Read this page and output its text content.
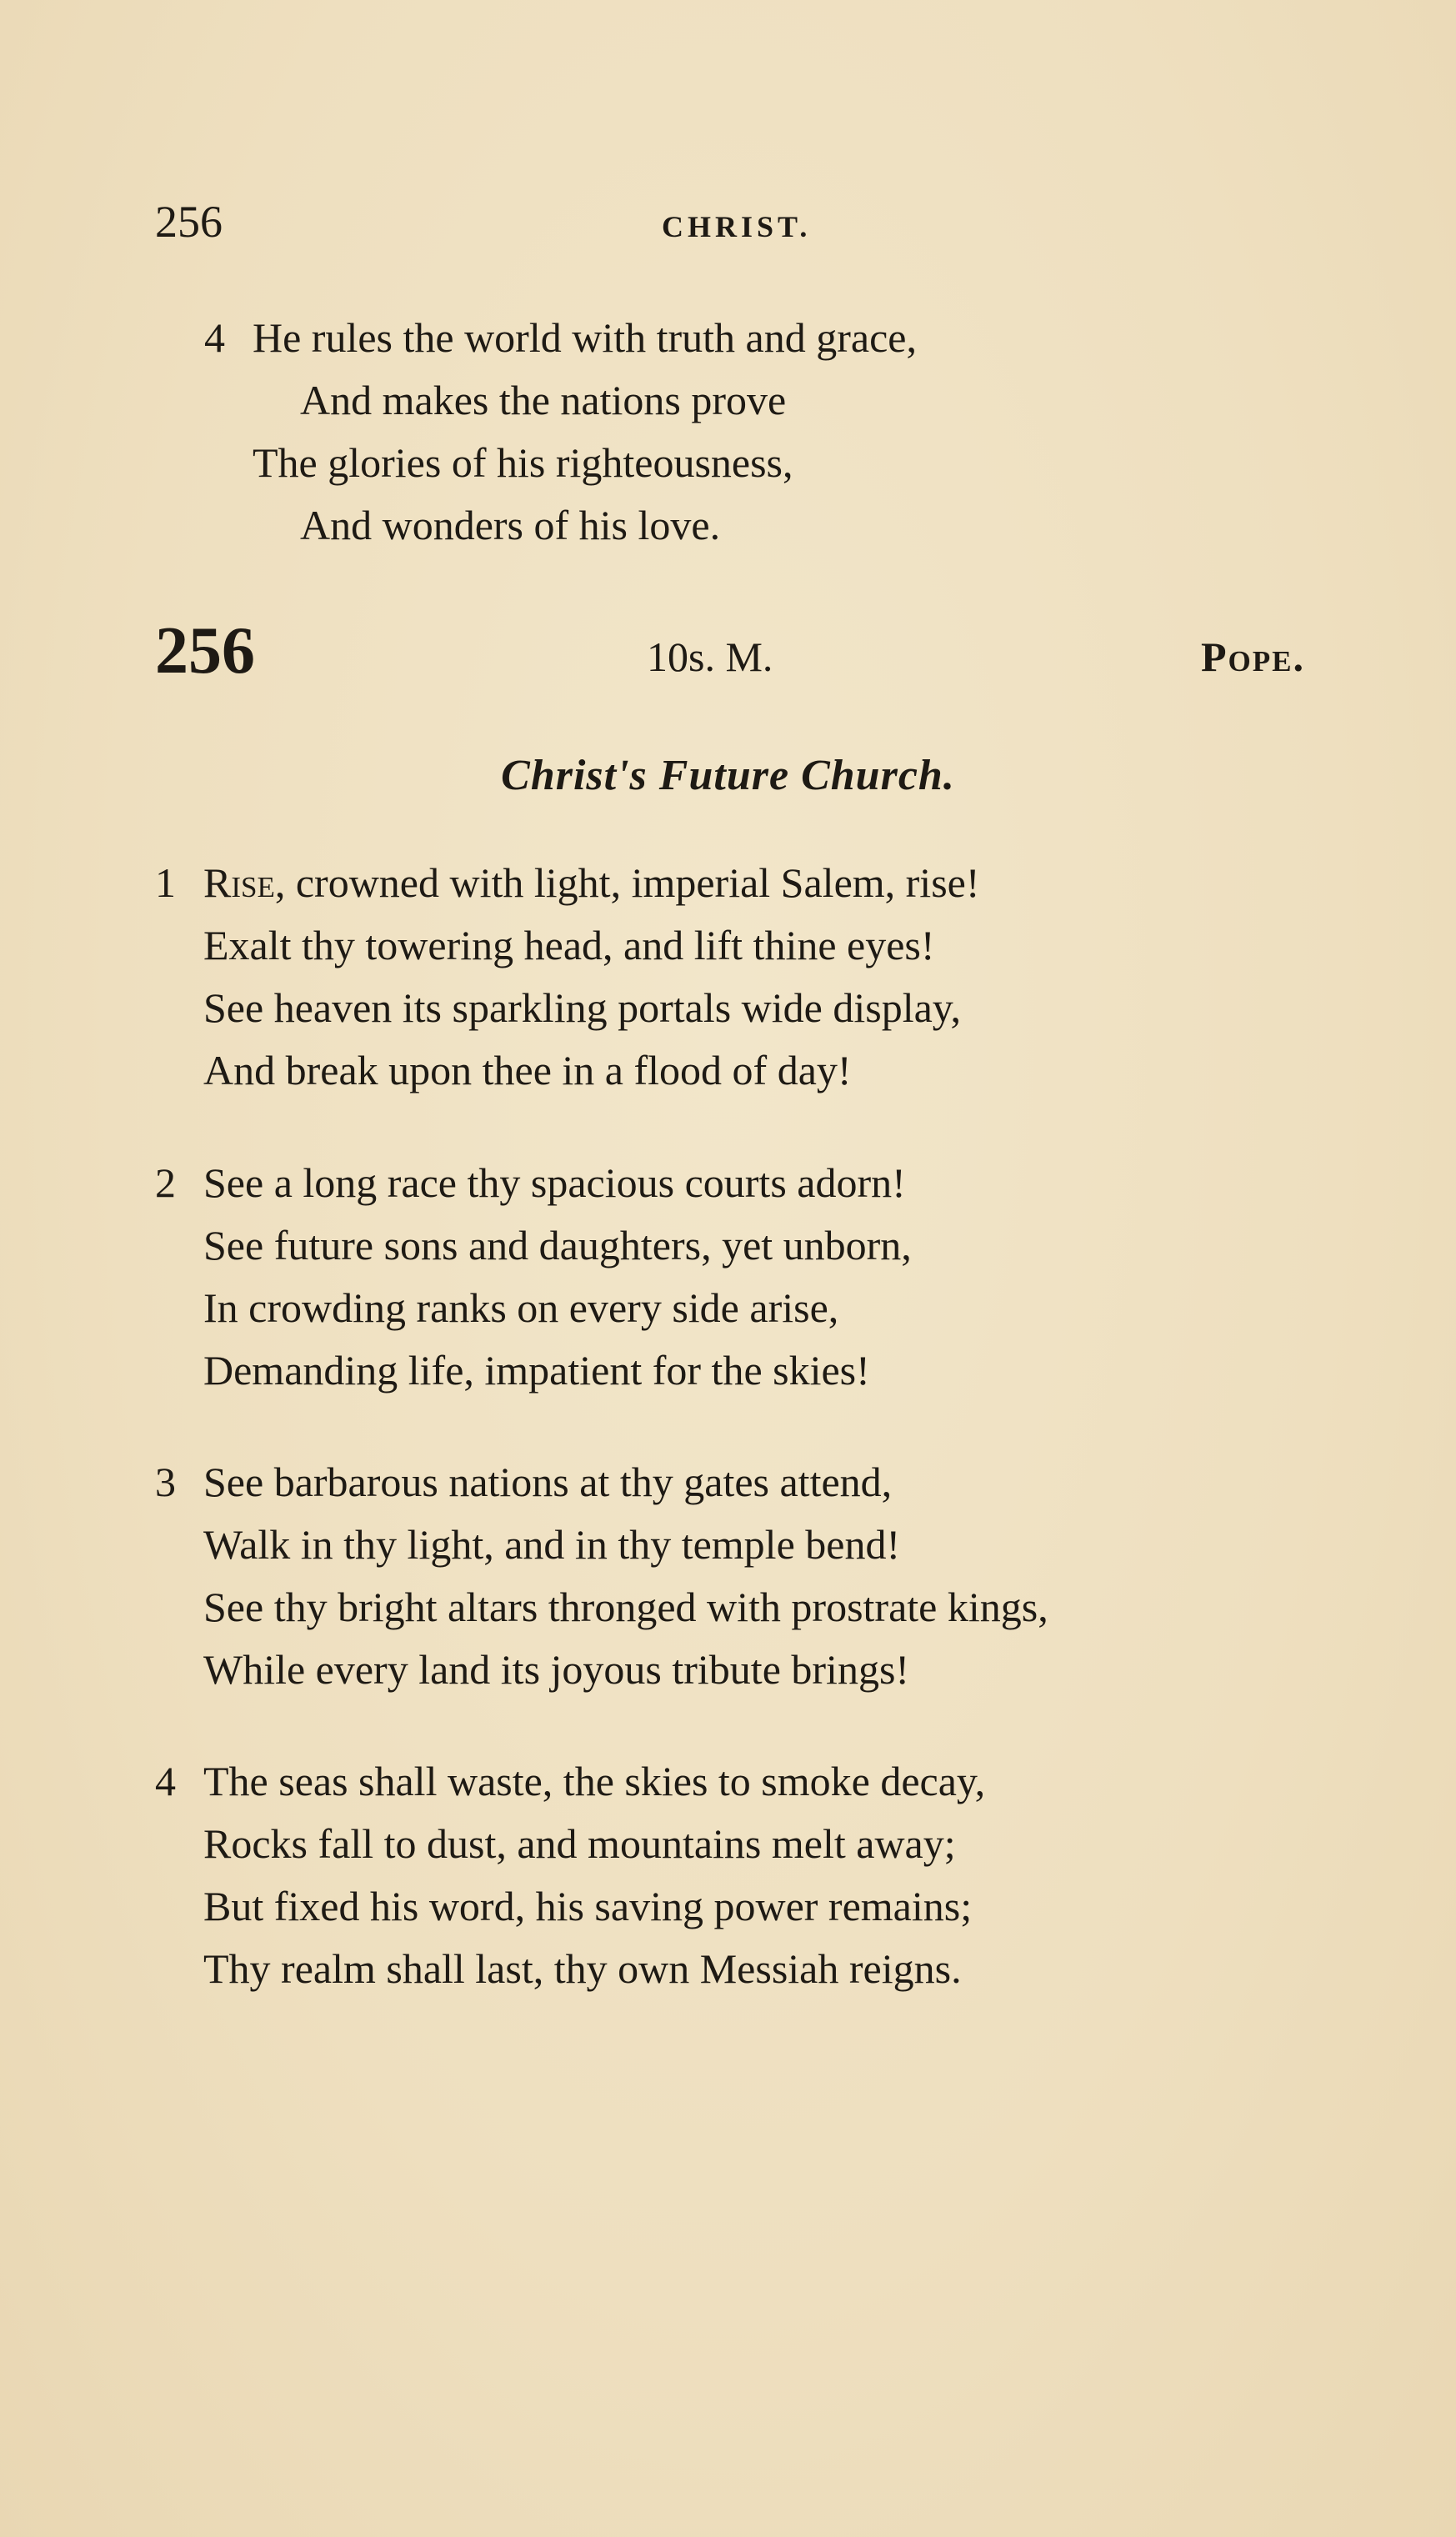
256	CHRIST.
4 He rules the world with truth and grace,
And makes the nations prove
The glories of his righteousness,
And wonders of his love.
256	10s. M.	Pope.
Christ's Future Church.
1 Rise, crowned with light, imperial Salem, rise!
Exalt thy towering head, and lift thine eyes!
See heaven its sparkling portals wide display,
And break upon thee in a flood of day!
2 See a long race thy spacious courts adorn!
See future sons and daughters, yet unborn,
In crowding ranks on every side arise,
Demanding life, impatient for the skies!
3 See barbarous nations at thy gates attend,
Walk in thy light, and in thy temple bend!
See thy bright altars thronged with prostrate kings,
While every land its joyous tribute brings!
4 The seas shall waste, the skies to smoke decay,
Rocks fall to dust, and mountains melt away;
But fixed his word, his saving power remains;
Thy realm shall last, thy own Messiah reigns.
